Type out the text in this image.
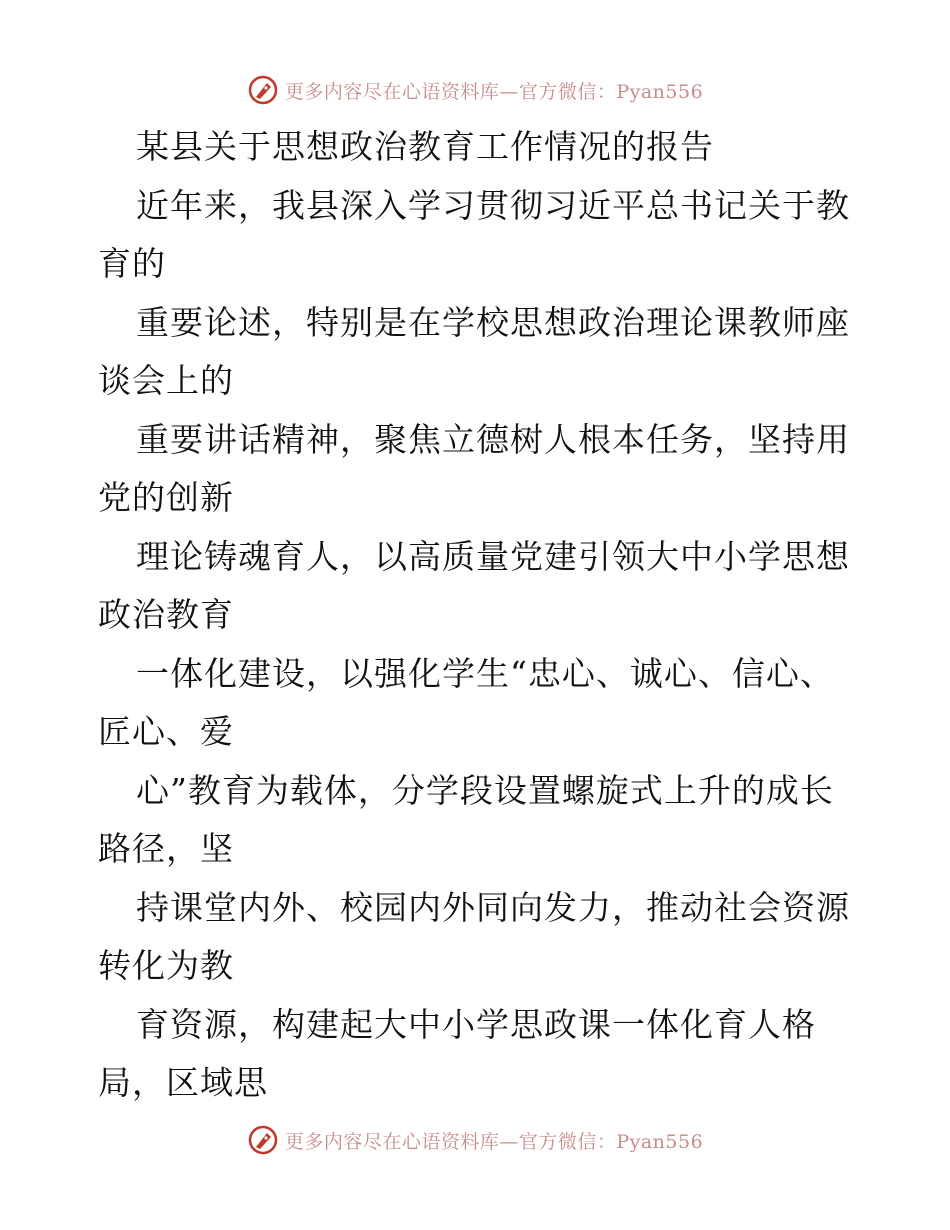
更多内容尽在心语资料库—官方微信：Pyan556
某县关于思想政治教育工作情况的报告
近年来，我县深入学习贯彻习近平总书记关于教
育的
重要论述，特别是在学校思想政治理论课教师座
谈会上的
重要讲话精神，聚焦立德树人根本任务，坚持用
党的创新
理论铸魂育人，以高质量党建引领大中小学思想
政治教育
一体化建设，以强化学生“忠心、诚心、信心、
匠心、爱
心”教育为载体，分学段设置螺旋式上升的成长
路径，坚
持课堂内外、校园内外同向发力，推动社会资源
转化为教
育资源，构建起大中小学思政课一体化育人格
局，区域思
更多内容尽在心语资料库—官方微信：Pyan556
